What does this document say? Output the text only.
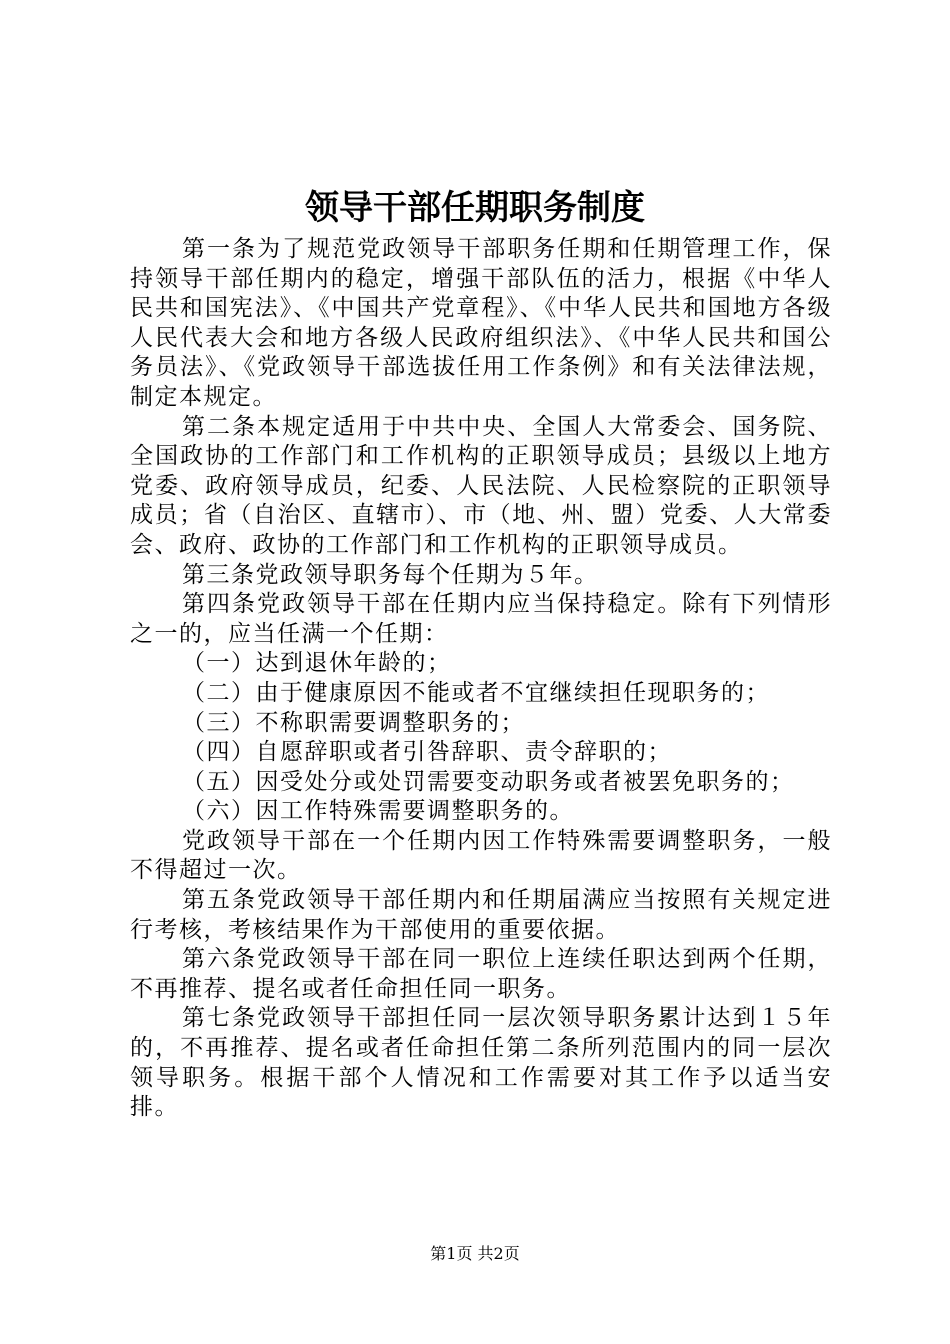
领导干部任期职务制度

第一条为了规范党政领导干部职务任期和任期管理工作，保持领导干部任期内的稳定，增强干部队伍的活力，根据《中华人民共和国宪法》、《中国共产党章程》、《中华人民共和国地方各级人民代表大会和地方各级人民政府组织法》、《中华人民共和国公务员法》、《党政领导干部选拔任用工作条例》和有关法律法规，制定本规定。

第二条本规定适用于中共中央、全国人大常委会、国务院、全国政协的工作部门和工作机构的正职领导成员；县级以上地方党委、政府领导成员，纪委、人民法院、人民检察院的正职领导成员；省（自治区、直辖市）、市（地、州、盟）党委、人大常委会、政府、政协的工作部门和工作机构的正职领导成员。

第三条党政领导职务每个任期为５年。

第四条党政领导干部在任期内应当保持稳定。除有下列情形之一的，应当任满一个任期：

（一）达到退休年龄的；

（二）由于健康原因不能或者不宜继续担任现职务的；

（三）不称职需要调整职务的；

（四）自愿辞职或者引咎辞职、责令辞职的；

（五）因受处分或处罚需要变动职务或者被罢免职务的；

（六）因工作特殊需要调整职务的。

党政领导干部在一个任期内因工作特殊需要调整职务，一般不得超过一次。

第五条党政领导干部任期内和任期届满应当按照有关规定进行考核，考核结果作为干部使用的重要依据。

第六条党政领导干部在同一职位上连续任职达到两个任期，不再推荐、提名或者任命担任同一职务。

第七条党政领导干部担任同一层次领导职务累计达到１５年的，不再推荐、提名或者任命担任第二条所列范围内的同一层次领导职务。根据干部个人情况和工作需要对其工作予以适当安排。

第1页 共2页
